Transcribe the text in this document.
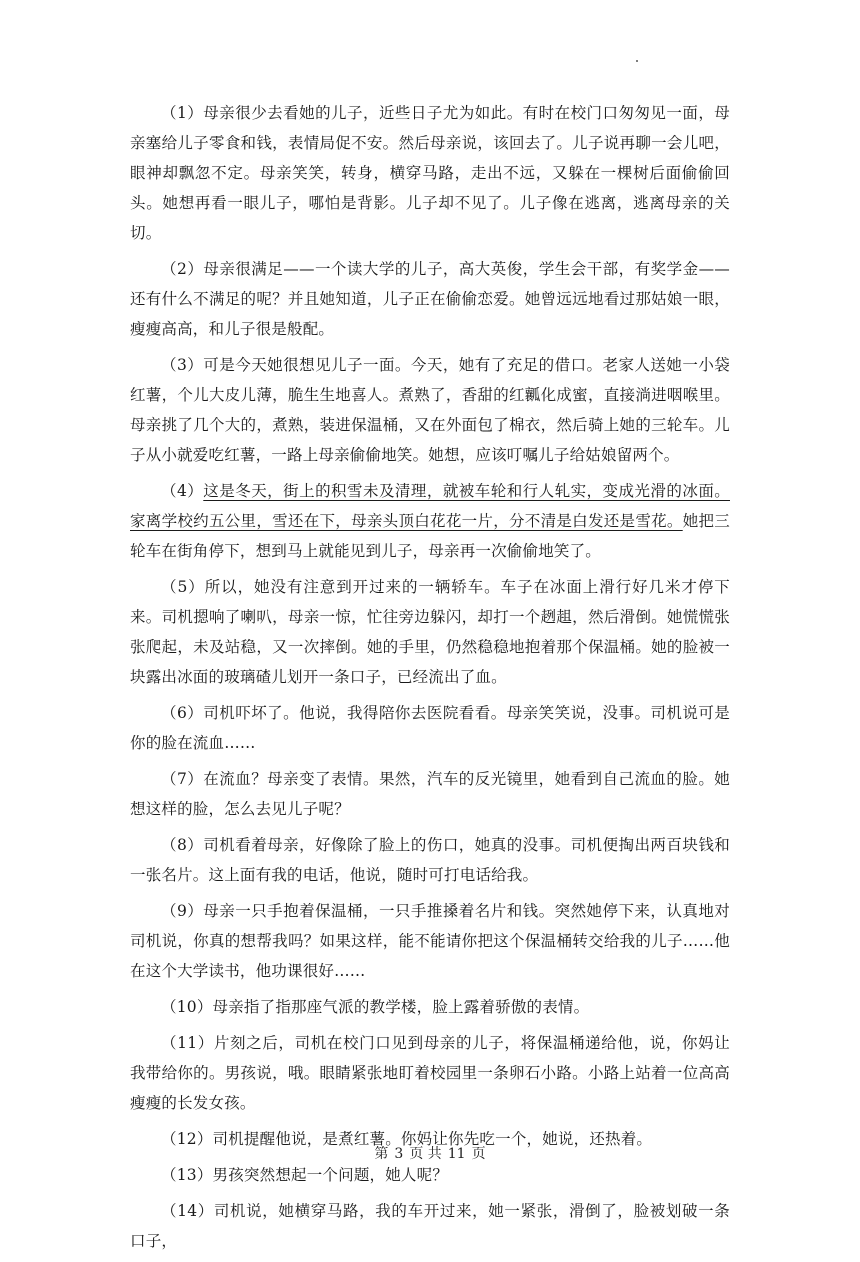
（1）母亲很少去看她的儿子，近些日子尤为如此。有时在校门口匆匆见一面，母亲塞给儿子零食和钱，表情局促不安。然后母亲说，该回去了。儿子说再聊一会儿吧，眼神却飘忽不定。母亲笑笑，转身，横穿马路，走出不远，又躲在一棵树后面偷偷回头。她想再看一眼儿子，哪怕是背影。儿子却不见了。儿子像在逃离，逃离母亲的关切。

（2）母亲很满足——一个读大学的儿子，高大英俊，学生会干部，有奖学金——还有什么不满足的呢？并且她知道，儿子正在偷偷恋爱。她曾远远地看过那姑娘一眼，瘦瘦高高，和儿子很是般配。

（3）可是今天她很想见儿子一面。今天，她有了充足的借口。老家人送她一小袋红薯，个儿大皮儿薄，脆生生地喜人。煮熟了，香甜的红瓤化成蜜，直接淌进咽喉里。母亲挑了几个大的，煮熟，装进保温桶，又在外面包了棉衣，然后骑上她的三轮车。儿子从小就爱吃红薯，一路上母亲偷偷地笑。她想，应该叮嘱儿子给姑娘留两个。

（4）这是冬天，街上的积雪未及清理，就被车轮和行人轧实，变成光滑的冰面。家离学校约五公里，雪还在下，母亲头顶白花花一片，分不清是白发还是雪花。她把三轮车在街角停下，想到马上就能见到儿子，母亲再一次偷偷地笑了。

（5）所以，她没有注意到开过来的一辆轿车。车子在冰面上滑行好几米才停下来。司机摁响了喇叭，母亲一惊，忙往旁边躲闪，却打一个趔趄，然后滑倒。她慌慌张张爬起，未及站稳，又一次摔倒。她的手里，仍然稳稳地抱着那个保温桶。她的脸被一块露出冰面的玻璃碴儿划开一条口子，已经流出了血。

（6）司机吓坏了。他说，我得陪你去医院看看。母亲笑笑说，没事。司机说可是你的脸在流血……

（7）在流血？母亲变了表情。果然，汽车的反光镜里，她看到自己流血的脸。她想这样的脸，怎么去见儿子呢？

（8）司机看着母亲，好像除了脸上的伤口，她真的没事。司机便掏出两百块钱和一张名片。这上面有我的电话，他说，随时可打电话给我。

（9）母亲一只手抱着保温桶，一只手推搡着名片和钱。突然她停下来，认真地对司机说，你真的想帮我吗？如果这样，能不能请你把这个保温桶转交给我的儿子……他在这个大学读书，他功课很好……

（10）母亲指了指那座气派的教学楼，脸上露着骄傲的表情。

（11）片刻之后，司机在校门口见到母亲的儿子，将保温桶递给他，说，你妈让我带给你的。男孩说，哦。眼睛紧张地盯着校园里一条卵石小路。小路上站着一位高高瘦瘦的长发女孩。

（12）司机提醒他说，是煮红薯。你妈让你先吃一个，她说，还热着。

（13）男孩突然想起一个问题，她人呢？

（14）司机说，她横穿马路，我的车开过来，她一紧张，滑倒了，脸被划破一条口子，

第 3 页 共 11 页
